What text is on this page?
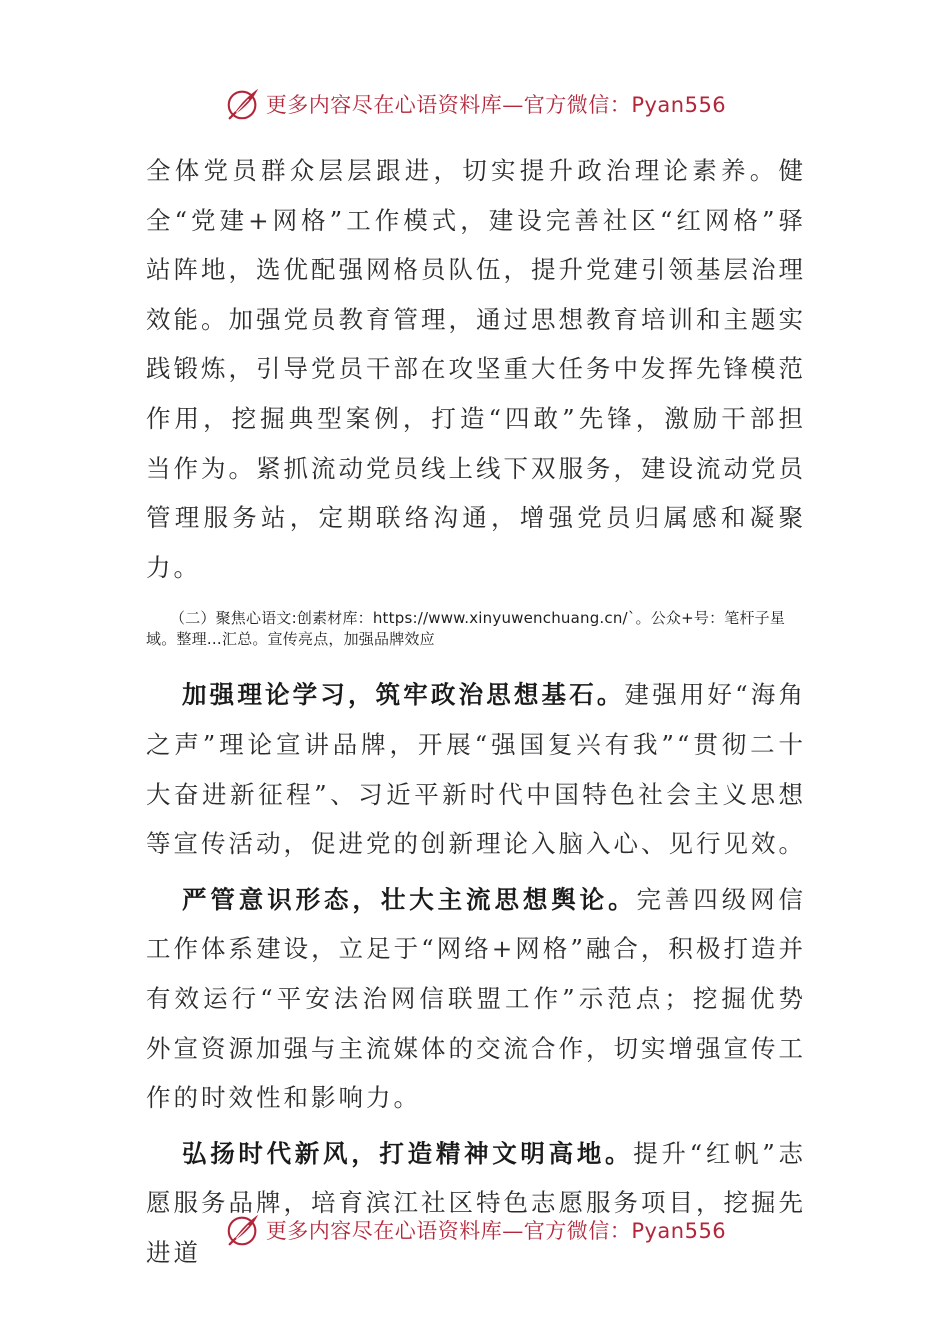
更多内容尽在心语资料库—官方微信：Pyan556

全体党员群众层层跟进，切实提升政治理论素养。健全“党建+网格”工作模式，建设完善社区“红网格”驿站阵地，选优配强网格员队伍，提升党建引领基层治理效能。加强党员教育管理，通过思想教育培训和主题实践锻炼，引导党员干部在攻坚重大任务中发挥先锋模范作用，挖掘典型案例，打造“四敢”先锋，激励干部担当作为。紧抓流动党员线上线下双服务，建设流动党员管理服务站，定期联络沟通，增强党员归属感和凝聚力。

（二）聚焦心语文:创素材库：https://www.xinyuwenchuang.cn/`。公众+号：笔杆子星域。整理…汇总。宣传亮点，加强品牌效应

加强理论学习，筑牢政治思想基石。建强用好“海角之声”理论宣讲品牌，开展“强国复兴有我”“贯彻二十大奋进新征程”、习近平新时代中国特色社会主义思想等宣传活动，促进党的创新理论入脑入心、见行见效。

严管意识形态，壮大主流思想舆论。完善四级网信工作体系建设，立足于“网络+网格”融合，积极打造并有效运行“平安法治网信联盟工作”示范点；挖掘优势外宣资源加强与主流媒体的交流合作，切实增强宣传工作的时效性和影响力。

弘扬时代新风，打造精神文明高地。提升“红帆”志愿服务品牌，培育滨江社区特色志愿服务项目，挖掘先进道

更多内容尽在心语资料库—官方微信：Pyan556
